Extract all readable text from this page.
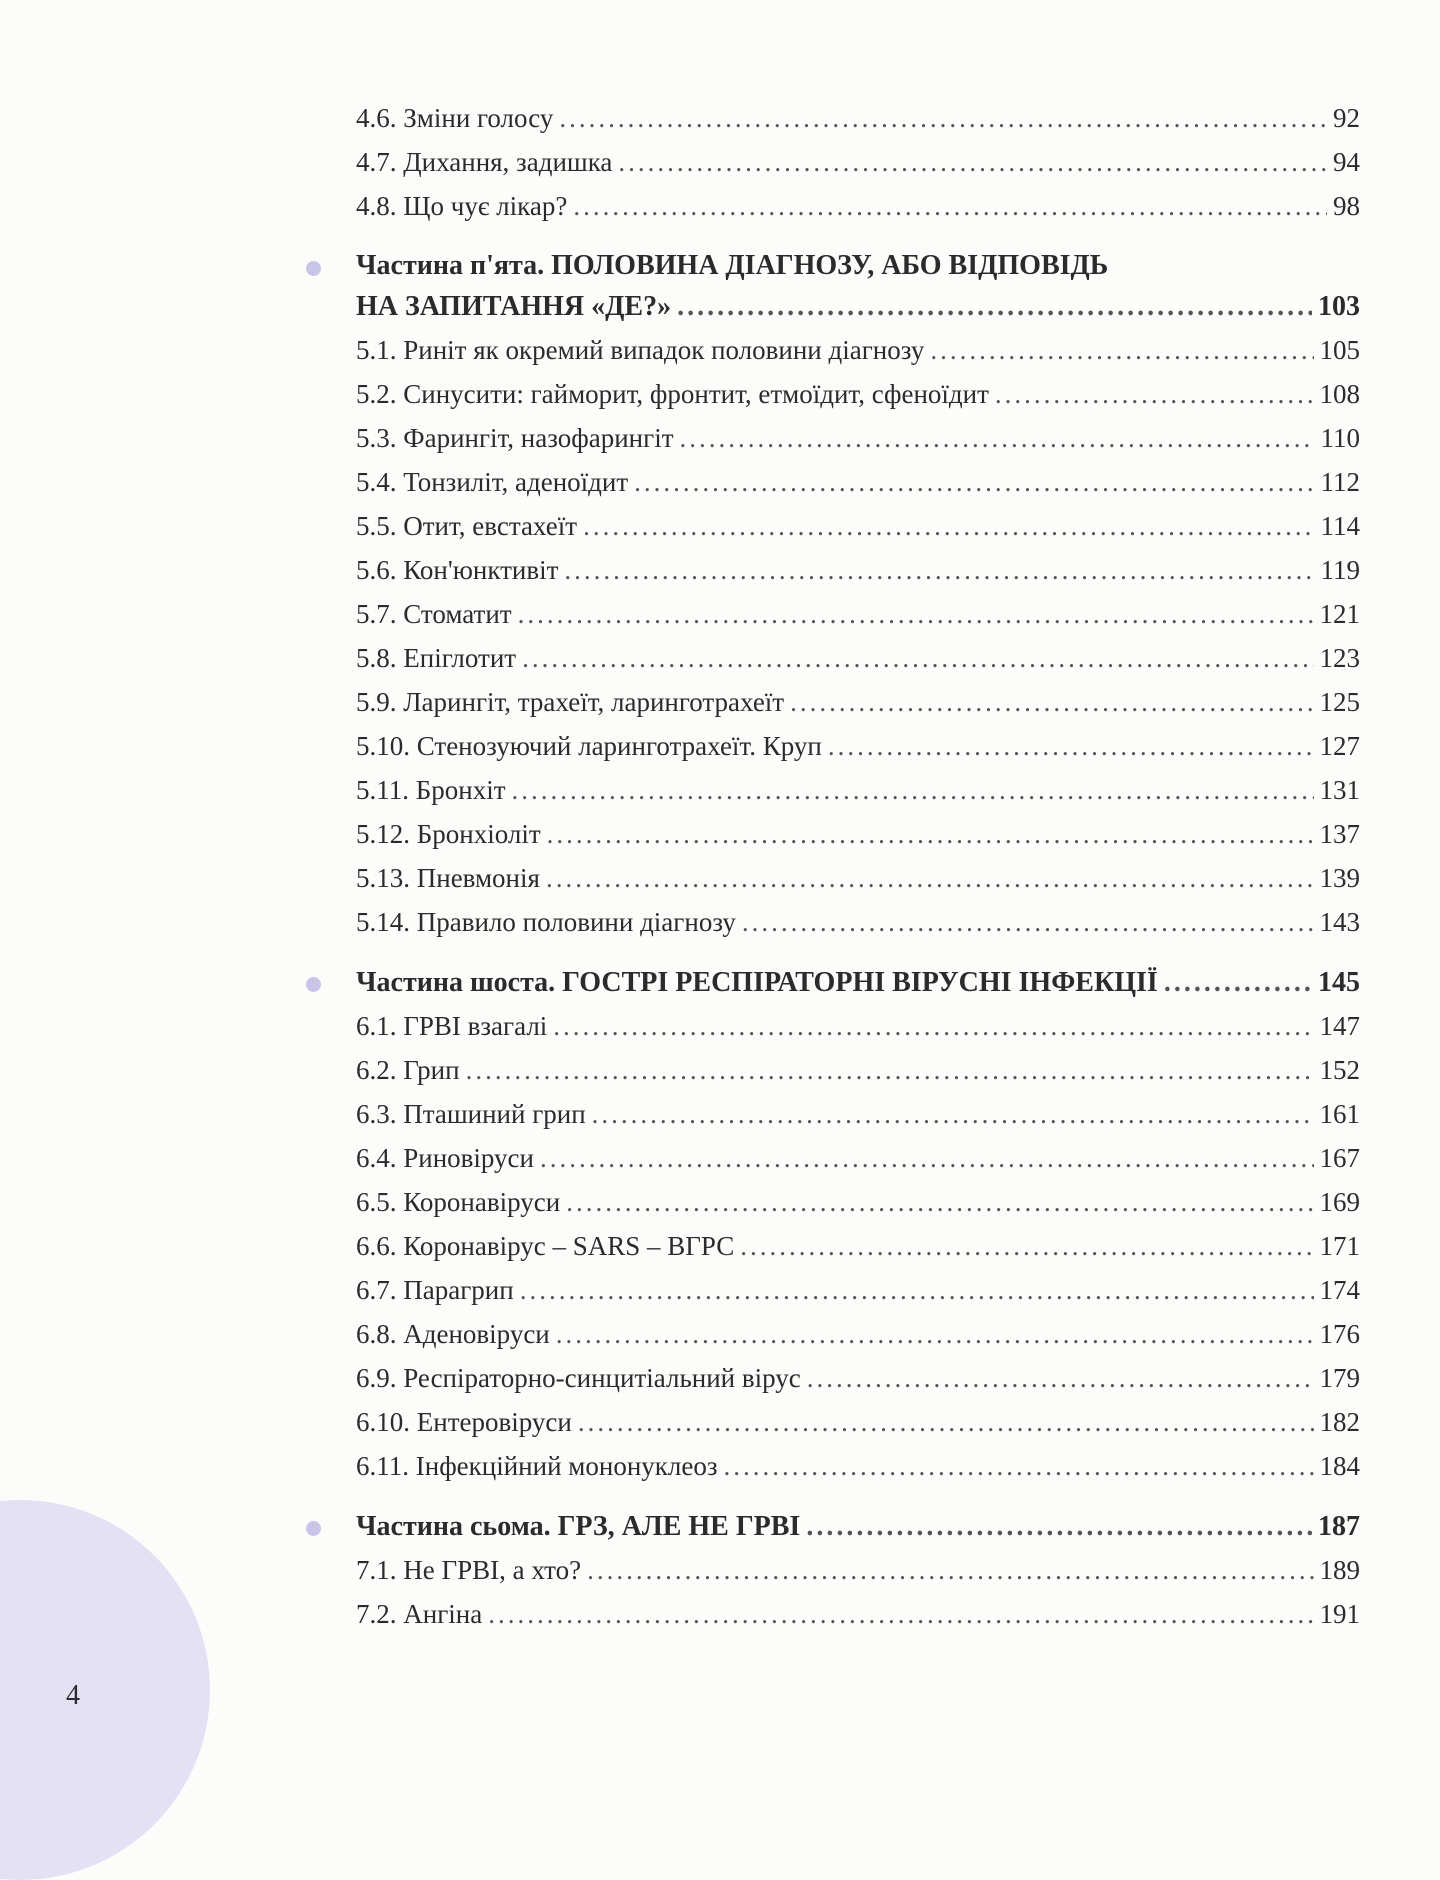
4
4.6. Зміни голосу .....	92
4.7. Дихання, задишка .....	94
4.8. Що чує лікар? .....	98
Частина п'ята. ПОЛОВИНА ДІАГНОЗУ, АБО ВІДПОВІДЬ
НА ЗАПИТАННЯ «ДЕ?» .....	103
5.1. Риніт як окремий випадок половини діагнозу .....	105
5.2. Синусити: гайморит, фронтит, етмоїдит, сфеноїдит .....	108
5.3. Фарингіт, назофарингіт .....	110
5.4. Тонзиліт, аденоїдит .....	112
5.5. Отит, евстахеїт .....	114
5.6. Кон'юнктивіт .....	119
5.7. Стоматит .....	121
5.8. Епіглотит .....	123
5.9. Ларингіт, трахеїт, ларинготрахеїт .....	125
5.10. Стенозуючий ларинготрахеїт. Круп .....	127
5.11. Бронхіт .....	131
5.12. Бронхіоліт .....	137
5.13. Пневмонія .....	139
5.14. Правило половини діагнозу .....	143
Частина шоста. ГОСТРІ РЕСПІРАТОРНІ ВІРУСНІ ІНФЕКЦІЇ .....	145
6.1. ГРВІ взагалі .....	147
6.2. Грип .....	152
6.3. Пташиний грип .....	161
6.4. Риновіруси .....	167
6.5. Коронавіруси .....	169
6.6. Коронавірус – SARS – ВГРС .....	171
6.7. Парагрип .....	174
6.8. Аденовіруси .....	176
6.9. Респіраторно-синцитіальний вірус .....	179
6.10. Ентеровіруси .....	182
6.11. Інфекційний мононуклеоз .....	184
Частина сьома. ГРЗ, АЛЕ НЕ ГРВІ .....	187
7.1. Не ГРВІ, а хто? .....	189
7.2. Ангіна .....	191
